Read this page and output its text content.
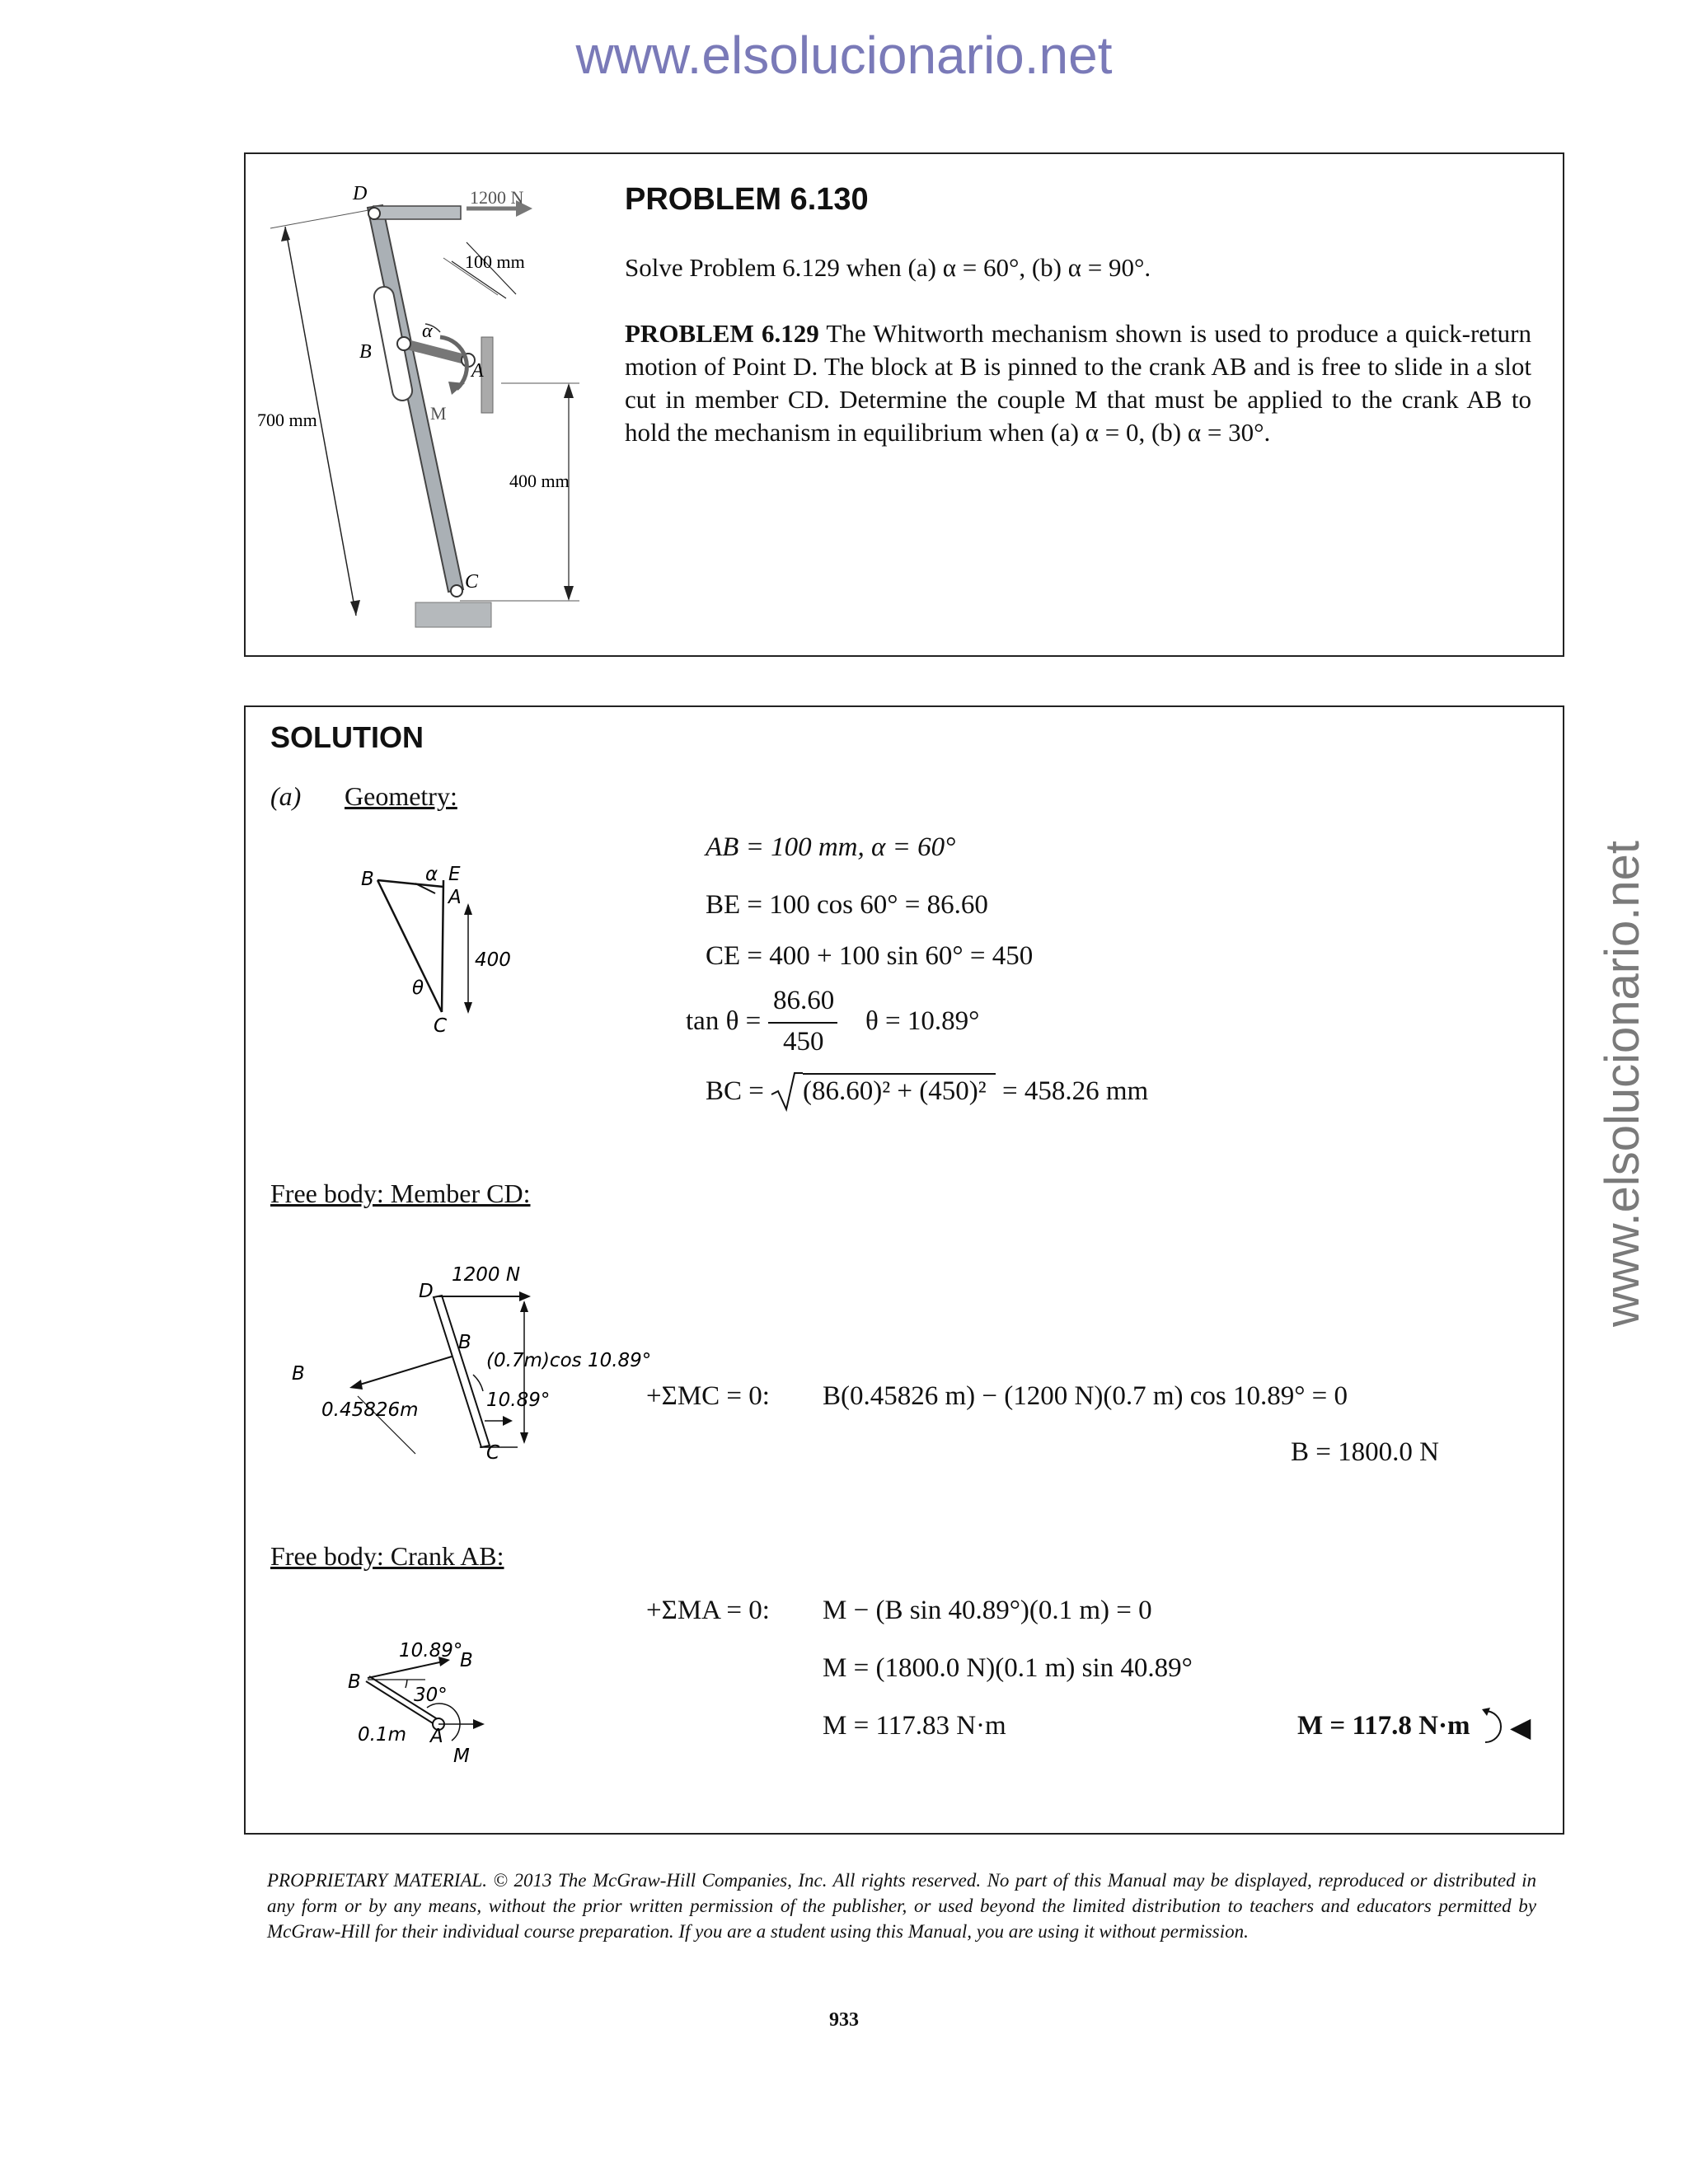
www.elsolucionario.net
www.elsolucionario.net
D	1200 N
100 mm
B
α
A
M
700 mm
400 mm
C
PROBLEM 6.130
Solve Problem 6.129 when (a) α = 60°, (b) α = 90°.
PROBLEM 6.129 The Whitworth mechanism shown is used to produce a quick-return motion of Point D. The block at B is pinned to the crank AB and is free to slide in a slot cut in member CD. Determine the couple M that must be applied to the crank AB to hold the mechanism in equilibrium when (a) α = 0, (b) α = 30°.
SOLUTION
(a) Geometry:
B	E
A
α
400
θ
C
AB = 100 mm, α = 60°
BE = 100 cos 60° = 86.60
CE = 400 + 100 sin 60° = 450
tan θ =
86.60
450
θ = 10.89°
BC = (86.60)² + (450)² = 458.26 mm
Free body: Member CD:
1200 N
D
B
B
(0.7m)cos 10.89°
0.45826m	10.89°
C
+ΣMC = 0: B(0.45826 m) − (1200 N)(0.7 m) cos 10.89° = 0
B = 1800.0 N
Free body: Crank AB:
10.89°
B
B
30°
0.1m A
M
+ΣMA = 0: M − (B sin 40.89°)(0.1 m) = 0
M = (1800.0 N)(0.1 m) sin 40.89°
M = 117.83 N·m	M = 117.8 N·m ◀
PROPRIETARY MATERIAL. © 2013 The McGraw-Hill Companies, Inc. All rights reserved. No part of this Manual may be displayed, reproduced or distributed in any form or by any means, without the prior written permission of the publisher, or used beyond the limited distribution to teachers and educators permitted by McGraw-Hill for their individual course preparation. If you are a student using this Manual, you are using it without permission.
933
